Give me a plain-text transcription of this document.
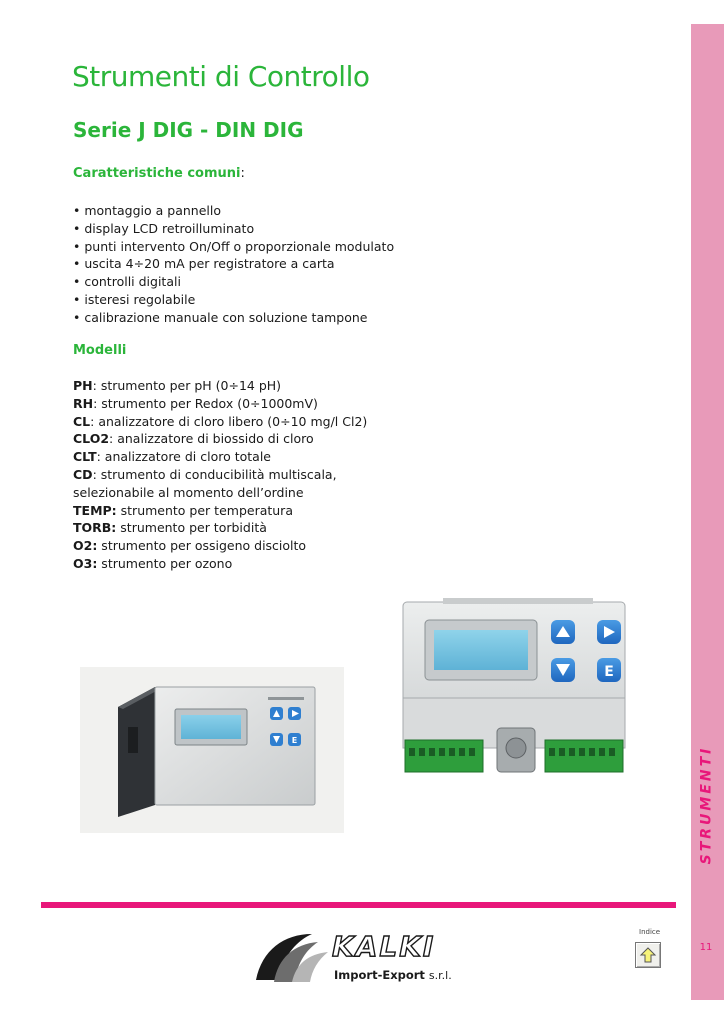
STRUMENTI
Strumenti di Controllo
Serie J DIG - DIN DIG
Caratteristiche comuni:
• montaggio a pannello
• display LCD retroilluminato
• punti intervento On/Off o proporzionale modulato
• uscita 4÷20 mA per registratore a carta
• controlli digitali
• isteresi regolabile
• calibrazione manuale con soluzione tampone
Modelli
PH: strumento per pH (0÷14 pH)
RH: strumento per Redox (0÷1000mV)
CL: analizzatore di cloro libero (0÷10 mg/l Cl2)
CLO2: analizzatore di biossido di cloro
CLT: analizzatore di cloro totale
CD: strumento di conducibilità multiscala,
selezionabile al momento dell’ordine
TEMP: strumento per temperatura
TORB: strumento per torbidità
O2: strumento per ossigeno disciolto
O3: strumento per ozono
E
E
KALKI
Import-Export s.r.l.
Indice
11
